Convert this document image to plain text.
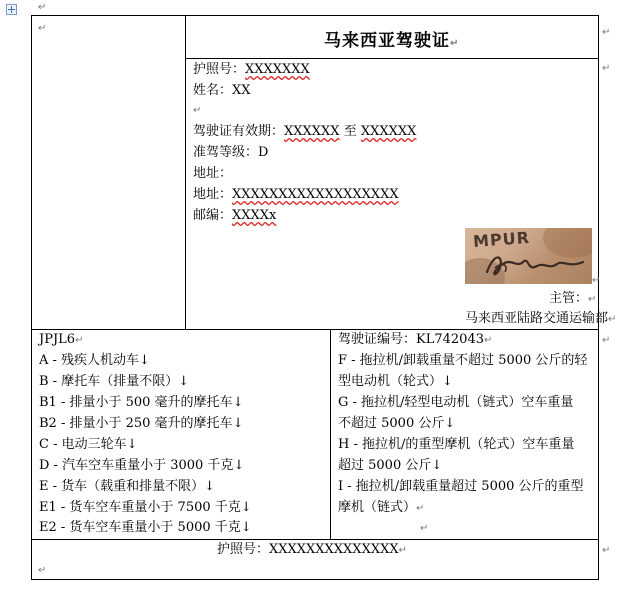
↵
↵
马来西亚驾驶证↵
护照号：XXXXXXX
姓名：XX
↵
驾驶证有效期：XXXXXX 至 XXXXXX
准驾等级：D
地址：
地址：XXXXXXXXXXXXXXXXXX
邮编：XXXXx
MPUR
↵
主管：↵
马来西亚陆路交通运输部↵
JPJL6↵
A - 残疾人机动车↓
B - 摩托车（排量不限）↓
B1 - 排量小于 500 毫升的摩托车↓
B2 - 排量小于 250 毫升的摩托车↓
C - 电动三轮车↓
D - 汽车空车重量小于 3000 千克↓
E - 货车（载重和排量不限）↓
E1 - 货车空车重量小于 7500 千克↓
E2 - 货车空车重量小于 5000 千克↓
驾驶证编号：KL742043↵
F - 拖拉机/卸载重量不超过 5000 公斤的轻
型电动机（轮式）↓
G - 拖拉机/轻型电动机（链式）空车重量
不超过 5000 公斤↓
H - 拖拉机/的重型摩机（轮式）空车重量
超过 5000 公斤↓
I - 拖拉机/卸载重量超过 5000 公斤的重型
摩机（链式）↵
↵
护照号：XXXXXXXXXXXXXX↵
↵
↵
↵
↵
↵
